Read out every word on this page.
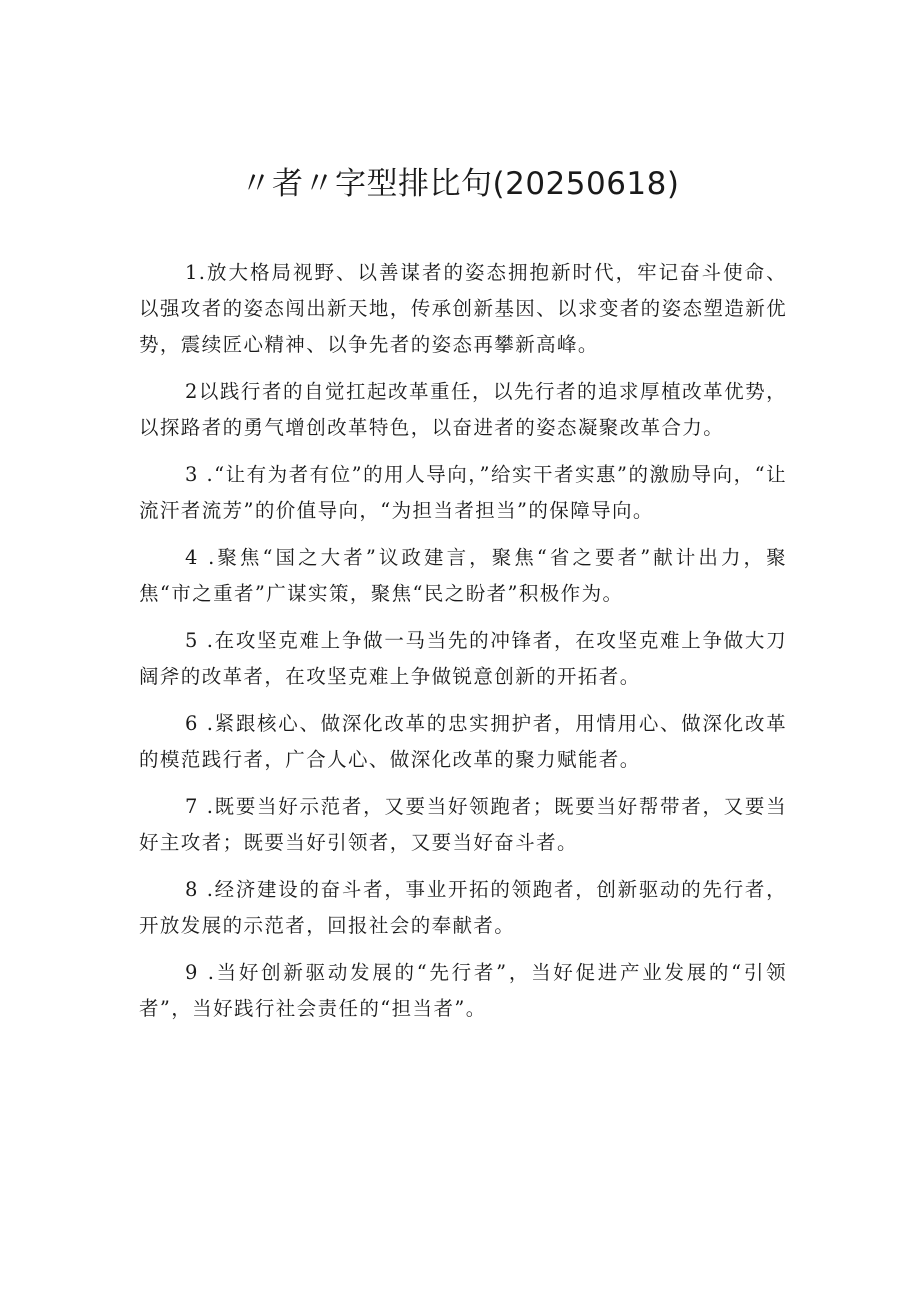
〃者〃字型排比句(20250618)

1.放大格局视野、以善谋者的姿态拥抱新时代，牢记奋斗使命、以强攻者的姿态闯出新天地，传承创新基因、以求变者的姿态塑造新优势，震续匠心精神、以争先者的姿态再攀新高峰。

2以践行者的自觉扛起改革重任，以先行者的追求厚植改革优势，以探路者的勇气增创改革特色，以奋进者的姿态凝聚改革合力。

3 .“让有为者有位”的用人导向，”给实干者实惠”的激励导向，“让流汗者流芳”的价值导向，“为担当者担当”的保障导向。

4 .聚焦“国之大者”议政建言，聚焦“省之要者”献计出力，聚焦“市之重者”广谋实策，聚焦“民之盼者”积极作为。

5 .在攻坚克难上争做一马当先的冲锋者，在攻坚克难上争做大刀阔斧的改革者，在攻坚克难上争做锐意创新的开拓者。

6 .紧跟核心、做深化改革的忠实拥护者，用情用心、做深化改革的模范践行者，广合人心、做深化改革的聚力赋能者。

7 .既要当好示范者，又要当好领跑者；既要当好帮带者，又要当好主攻者；既要当好引领者，又要当好奋斗者。

8 .经济建设的奋斗者，事业开拓的领跑者，创新驱动的先行者，开放发展的示范者，回报社会的奉献者。

9 .当好创新驱动发展的“先行者”，当好促进产业发展的“引领者”，当好践行社会责任的“担当者”。
